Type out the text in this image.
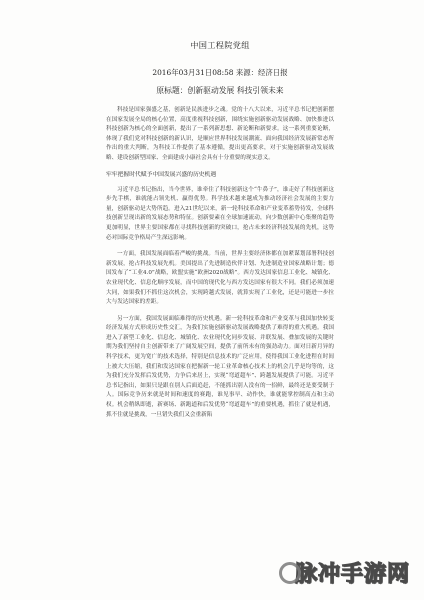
中国工程院党组
2016年03月31日08:58 来源：经济日报
原标题：创新驱动发展 科技引领未来

科技是国家强盛之基，创新是民族进步之魂。党的十八大以来，习近平总书记把创新摆在国家发展全局的核心位置，高度重视科技创新，围绕实施创新驱动发展战略、加快推进以科技创新为核心的全面创新，提出了一系列新思想、新论断和新要求。这一系列重要论断，体现了我们党对科技创新的新认识，是顺应世界科技发展潮流、面向我国经济发展新常态所作出的重大判断，为科技工作提供了基本遵循，提出更高要求，对于实施创新驱动发展战略、建设创新型国家、全面建成小康社会具有十分重要的现实意义。

牢牢把握时代赋予中国发展兴盛的历史机遇

习近平总书记指出，当今世界，谁牵住了科技创新这个“牛鼻子”，谁走好了科技创新这步先手棋，谁就能占领先机、赢得优势。科学技术越来越成为推动经济社会发展的主要力量，创新驱动是大势所趋。进入21世纪以来，新一轮科技革命和产业变革蓄势待发，全球科技创新呈现出新的发展态势和特征。创新要素在全球加速流动，向少数创新中心集聚的趋势更加明显，世界主要国家都在寻找科技创新的突破口，抢占未来经济科技发展的先机，这势必对国际竞争格局产生深远影响。

一方面，我国发展面临着严峻的挑战。当前，世界主要经济体都在加紧谋划部署科技创新发展，抢占科技发展先机。美国提出了先进制造伙伴计划、先进制造业国家战略计划；德国发布了“工业4.0”战略，欧盟实施“欧洲2020战略”。西方发达国家信息工业化、城镇化、农业现代化、信息化顺序发展，而中国的现代化与西方发达国家有很大不同。我们必须加速大同，如果我们不抓住这次机会，实现跨越式发展，就算实现了工业化，还是可能进一步拉大与发达国家的差距。

另一方面，我国发展面临难得的历史机遇。新一轮科技革命和产业变革与我国加快转变经济发展方式形成历史性交汇，为我们实施创新驱动发展战略提供了难得的重大机遇。我国进入了新型工业化、信息化、城镇化、农业现代化同步发展、并联发展、叠加发展的关键时期为我们坚持自主创新带来了广阔发展空间，提供了前所未有的强劲动力。面对日新月异的科学技术，更为宽广的技术选择，特别是信息技术的广泛应用，使得我国工业化进程在时间上被大大压缩，我们和发达国家在把握新一轮工业革命核心技术上的机会几乎是均等的，这为我们充分发挥后发优势，力争后来居上，实现“弯道超车”、跨越发展提供了可能。习近平总书记指出，如果只是跟在别人后面追赶，不能抓出别人没有的一招鲜，最终还是要受制于人。国际竞争历来就是时间和速度的赛跑，谁见事早、动作快，谁就能掌控制高点和主动权。机会稍纵即逝，新赛场、新跑道和后发优势“弯道超车”的重要机遇，抓住了就是机遇，抓不住就是挑战，一旦错失我们又会重新陷

脉冲手游网
